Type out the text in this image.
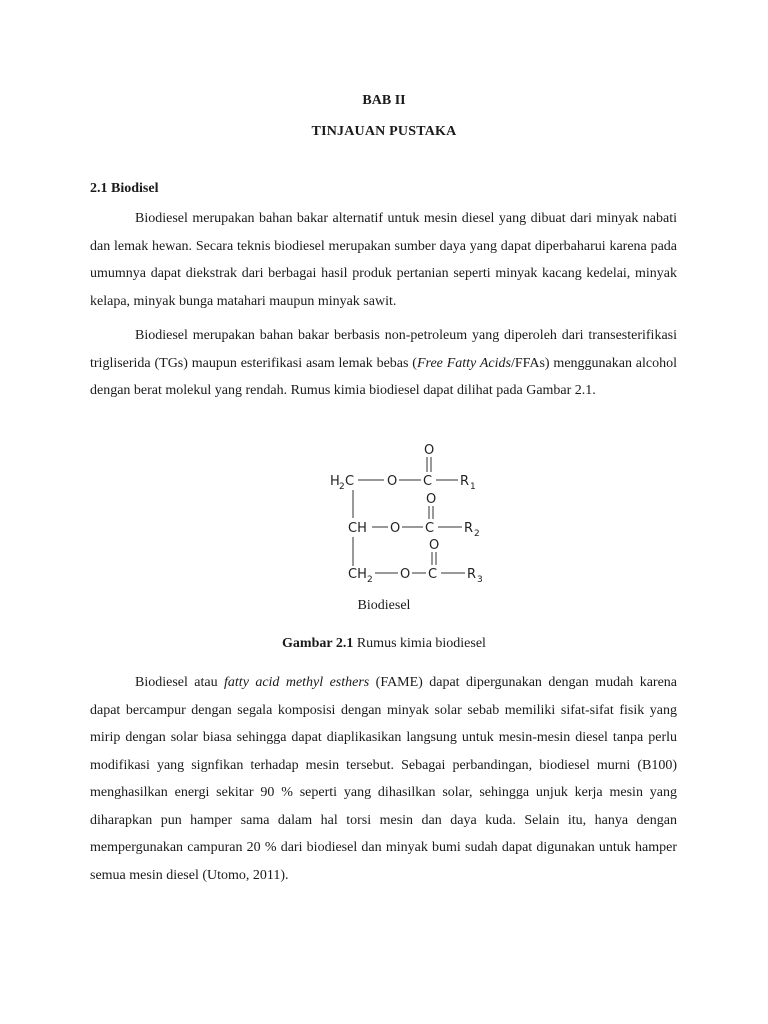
BAB II
TINJAUAN PUSTAKA
2.1 Biodisel

Biodiesel merupakan bahan bakar alternatif untuk mesin diesel yang dibuat dari minyak nabati dan lemak hewan. Secara teknis biodiesel merupakan sumber daya yang dapat diperbaharui karena pada umumnya dapat diekstrak dari berbagai hasil produk pertanian seperti minyak kacang kedelai, minyak kelapa, minyak bunga matahari maupun minyak sawit.

Biodiesel merupakan bahan bakar berbasis non-petroleum yang diperoleh dari transesterifikasi trigliserida (TGs) maupun esterifikasi asam lemak bebas (Free Fatty Acids/FFAs) menggunakan alcohol dengan berat molekul yang rendah. Rumus kimia biodiesel dapat dilihat pada Gambar 2.1.

H 2 C	O C
O
R 1
CH O C
O
R 2
CH 2 O C
O
R 3
Biodiesel
Gambar 2.1 Rumus kimia biodiesel

Biodiesel atau fatty acid methyl esthers (FAME) dapat dipergunakan dengan mudah karena dapat bercampur dengan segala komposisi dengan minyak solar sebab memiliki sifat-sifat fisik yang mirip dengan solar biasa sehingga dapat diaplikasikan langsung untuk mesin-mesin diesel tanpa perlu modifikasi yang signfikan terhadap mesin tersebut. Sebagai perbandingan, biodiesel murni (B100) menghasilkan energi sekitar 90 % seperti yang dihasilkan solar, sehingga unjuk kerja mesin yang diharapkan pun hamper sama dalam hal torsi mesin dan daya kuda. Selain itu, hanya dengan mempergunakan campuran 20 % dari biodiesel dan minyak bumi sudah dapat digunakan untuk hamper semua mesin diesel (Utomo, 2011).
